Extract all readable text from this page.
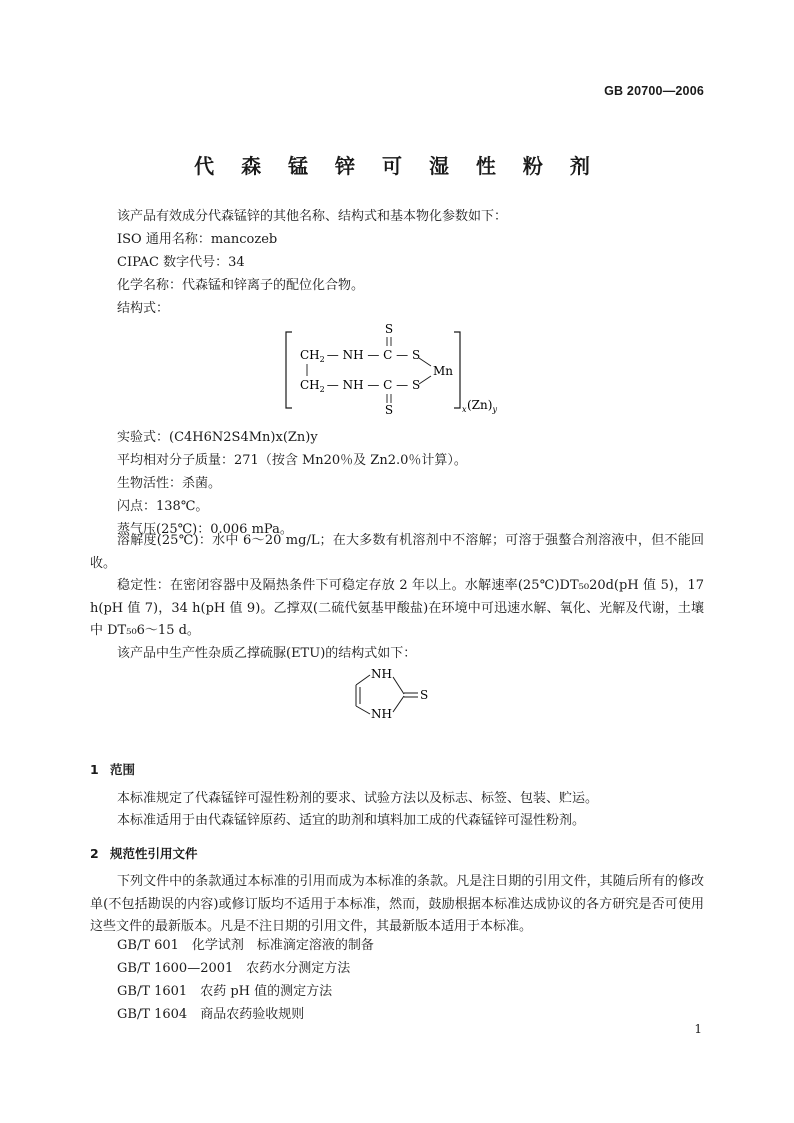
GB 20700—2006
代 森 锰 锌 可 湿 性 粉 剂
该产品有效成分代森锰锌的其他名称、结构式和基本物化参数如下：
ISO 通用名称：mancozeb
CIPAC 数字代号：34
化学名称：代森锰和锌离子的配位化合物。
结构式：
S
$CH_2$ — NH — C — S
$CH_2$ — NH — C — S
S
Mn
x $(Zn)_y$
实验式：(C4H6N2S4Mn)x(Zn)y
平均相对分子质量：271（按含 Mn20％及 Zn2.0％计算）。
生物活性：杀菌。
闪点：138℃。
蒸气压(25℃)：0.006 mPa。
溶解度(25℃)：水中 6～20 mg/L；在大多数有机溶剂中不溶解；可溶于强螯合剂溶液中，但不能回收。
稳定性：在密闭容器中及隔热条件下可稳定存放 2 年以上。水解速率(25℃)DT₅₀20d(pH 值 5)，17 h(pH 值 7)，34 h(pH 值 9)。乙撑双(二硫代氨基甲酸盐)在环境中可迅速水解、氧化、光解及代谢，土壤中 DT₅₀6～15 d。
该产品中生产性杂质乙撑硫脲(ETU)的结构式如下：
NH
NH
S
1 范围
本标准规定了代森锰锌可湿性粉剂的要求、试验方法以及标志、标签、包装、贮运。
本标准适用于由代森锰锌原药、适宜的助剂和填料加工成的代森锰锌可湿性粉剂。
2 规范性引用文件
下列文件中的条款通过本标准的引用而成为本标准的条款。凡是注日期的引用文件，其随后所有的修改单(不包括勘误的内容)或修订版均不适用于本标准，然而，鼓励根据本标准达成协议的各方研究是否可使用这些文件的最新版本。凡是不注日期的引用文件，其最新版本适用于本标准。
GB/T 601　化学试剂　标准滴定溶液的制备
GB/T 1600—2001　农药水分测定方法
GB/T 1601　农药 pH 值的测定方法
GB/T 1604　商品农药验收规则
1
